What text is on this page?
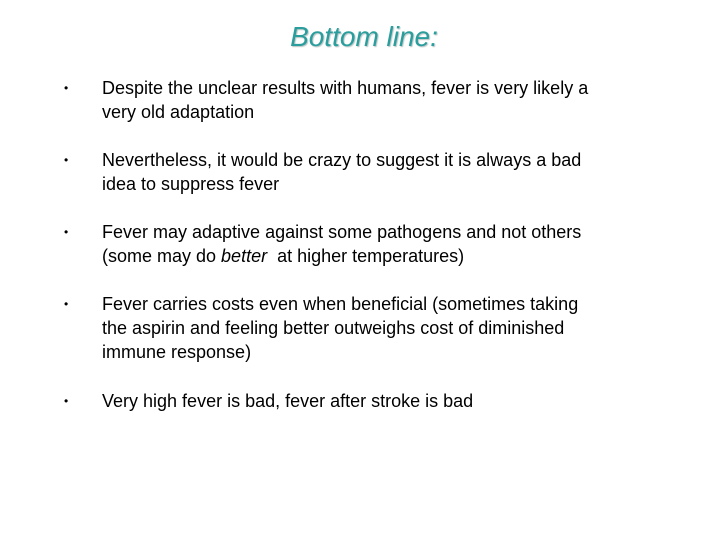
Bottom line:
• Despite the unclear results with humans, fever is very likely a
very old adaptation
• Nevertheless, it would be crazy to suggest it is always a bad
idea to suppress fever
• Fever may adaptive against some pathogens and not others
(some may do better  at higher temperatures)
• Fever carries costs even when beneficial (sometimes taking
the aspirin and feeling better outweighs cost of diminished
immune response)
• Very high fever is bad, fever after stroke is bad
